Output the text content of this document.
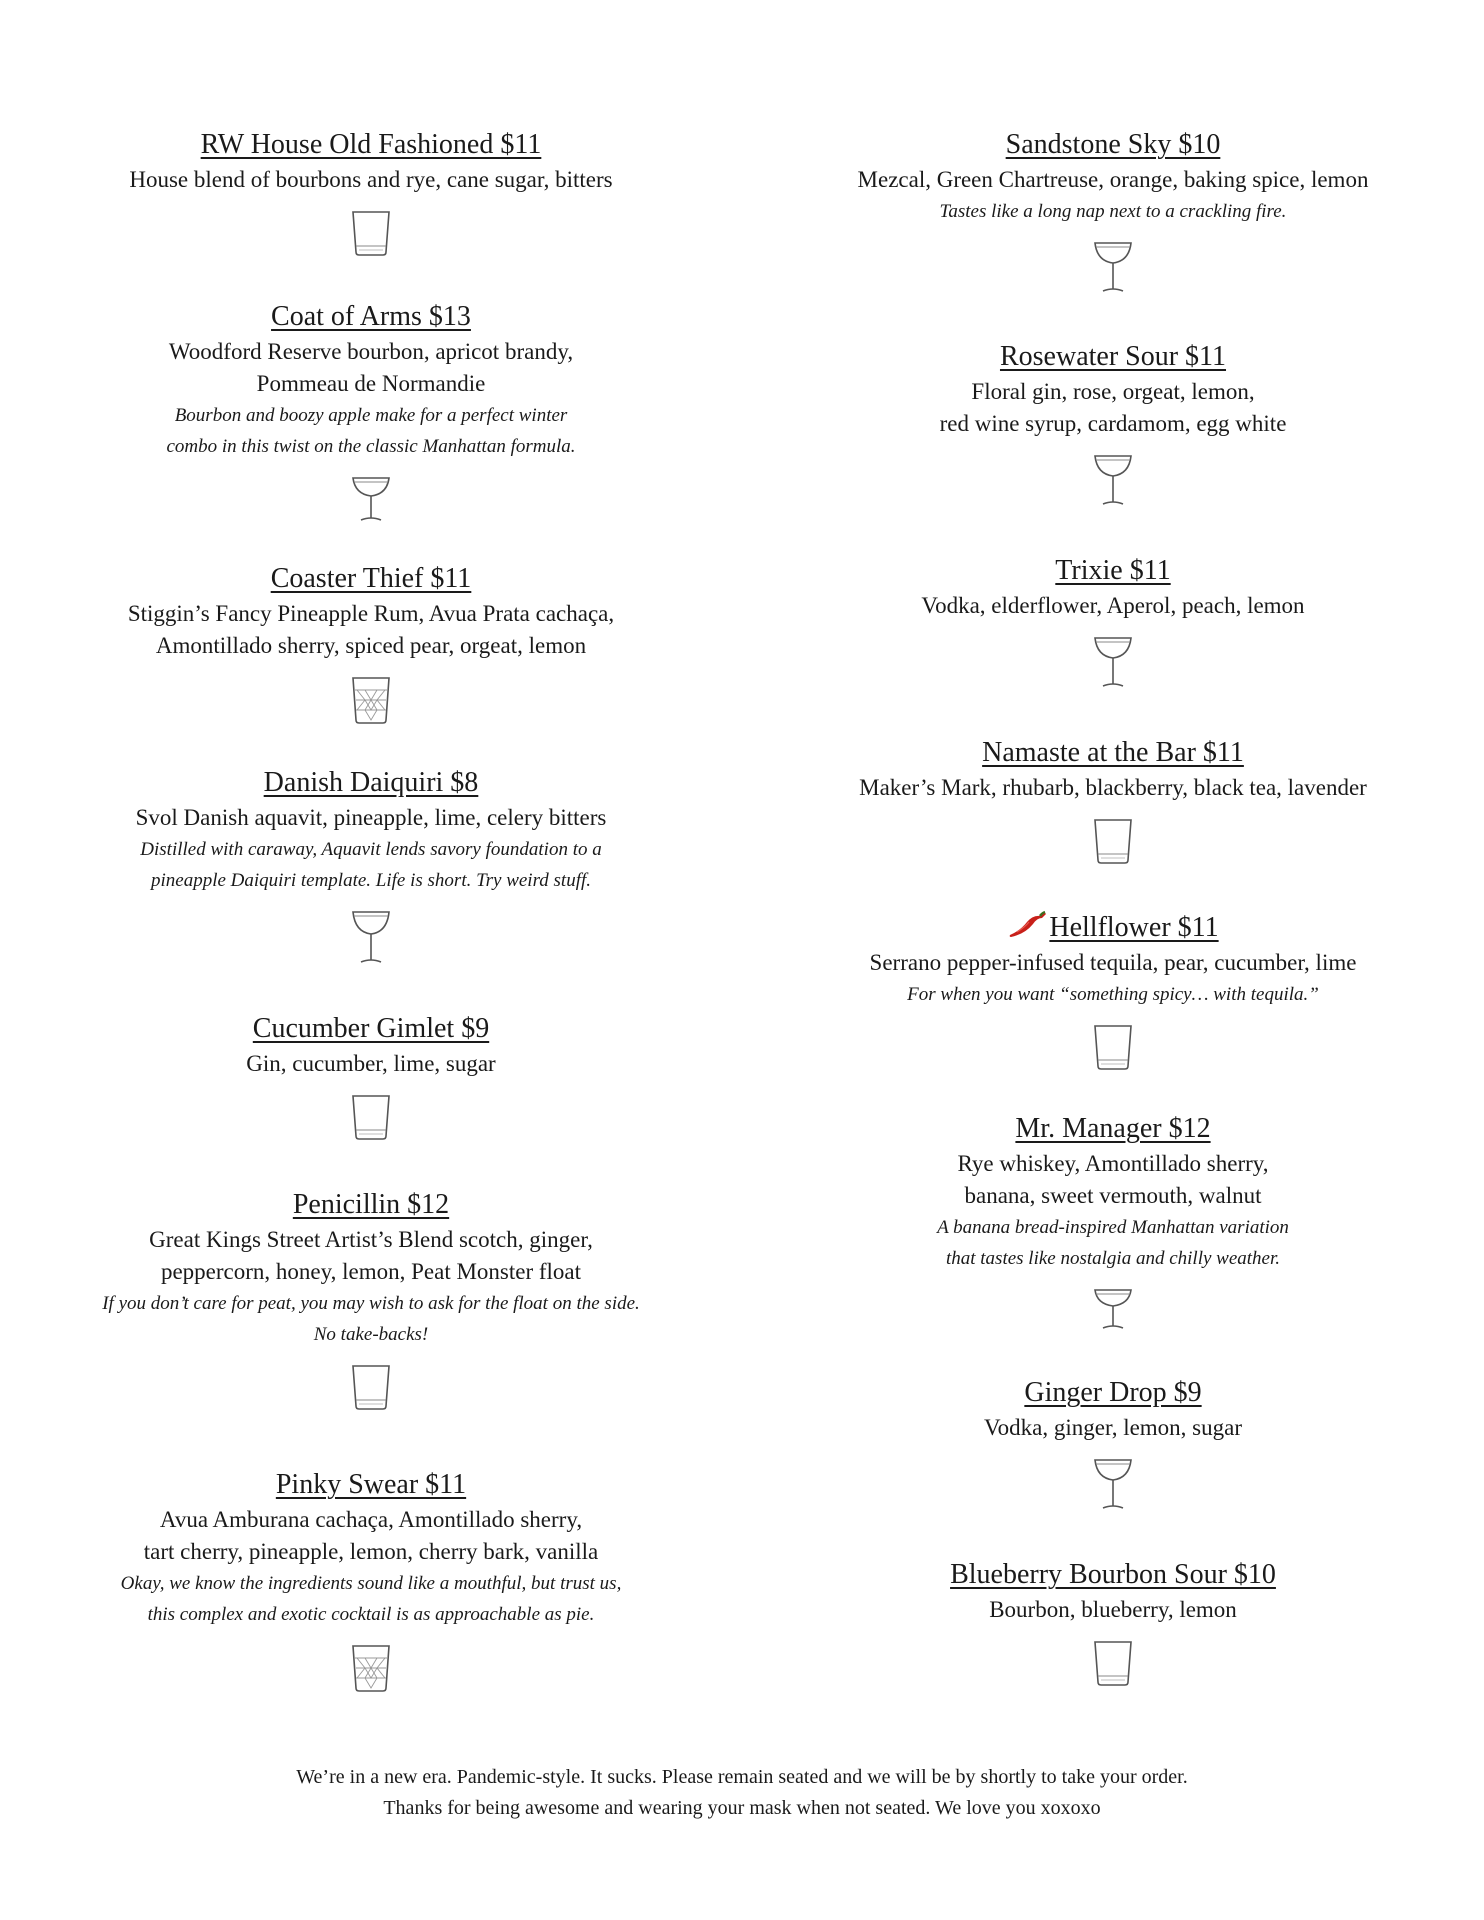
RW House Old Fashioned $11

House blend of bourbons and rye, cane sugar, bitters

Coat of Arms $13

Woodford Reserve bourbon, apricot brandy,

Pommeau de Normandie

Bourbon and boozy apple make for a perfect winter

combo in this twist on the classic Manhattan formula.

Coaster Thief $11

Stiggin’s Fancy Pineapple Rum, Avua Prata cachaça,

Amontillado sherry, spiced pear, orgeat, lemon

Danish Daiquiri $8

Svol Danish aquavit, pineapple, lime, celery bitters

Distilled with caraway, Aquavit lends savory foundation to a

pineapple Daiquiri template. Life is short. Try weird stuff.

Cucumber Gimlet $9

Gin, cucumber, lime, sugar

Penicillin $12

Great Kings Street Artist’s Blend scotch, ginger,

peppercorn, honey, lemon, Peat Monster float

If you don’t care for peat, you may wish to ask for the float on the side.

No take-backs!

Pinky Swear $11

Avua Amburana cachaça, Amontillado sherry,

tart cherry, pineapple, lemon, cherry bark, vanilla

Okay, we know the ingredients sound like a mouthful, but trust us,

this complex and exotic cocktail is as approachable as pie.

Sandstone Sky $10

Mezcal, Green Chartreuse, orange, baking spice, lemon

Tastes like a long nap next to a crackling fire.

Rosewater Sour $11

Floral gin, rose, orgeat, lemon,

red wine syrup, cardamom, egg white

Trixie $11

Vodka, elderflower, Aperol, peach, lemon

Namaste at the Bar $11

Maker’s Mark, rhubarb, blackberry, black tea, lavender

Hellflower $11

Serrano pepper-infused tequila, pear, cucumber, lime

For when you want “something spicy… with tequila.”

Mr. Manager $12

Rye whiskey, Amontillado sherry,

banana, sweet vermouth, walnut

A banana bread-inspired Manhattan variation

that tastes like nostalgia and chilly weather.

Ginger Drop $9

Vodka, ginger, lemon, sugar

Blueberry Bourbon Sour $10

Bourbon, blueberry, lemon

We’re in a new era. Pandemic-style. It sucks. Please remain seated and we will be by shortly to take your order.
Thanks for being awesome and wearing your mask when not seated. We love you xoxoxo
